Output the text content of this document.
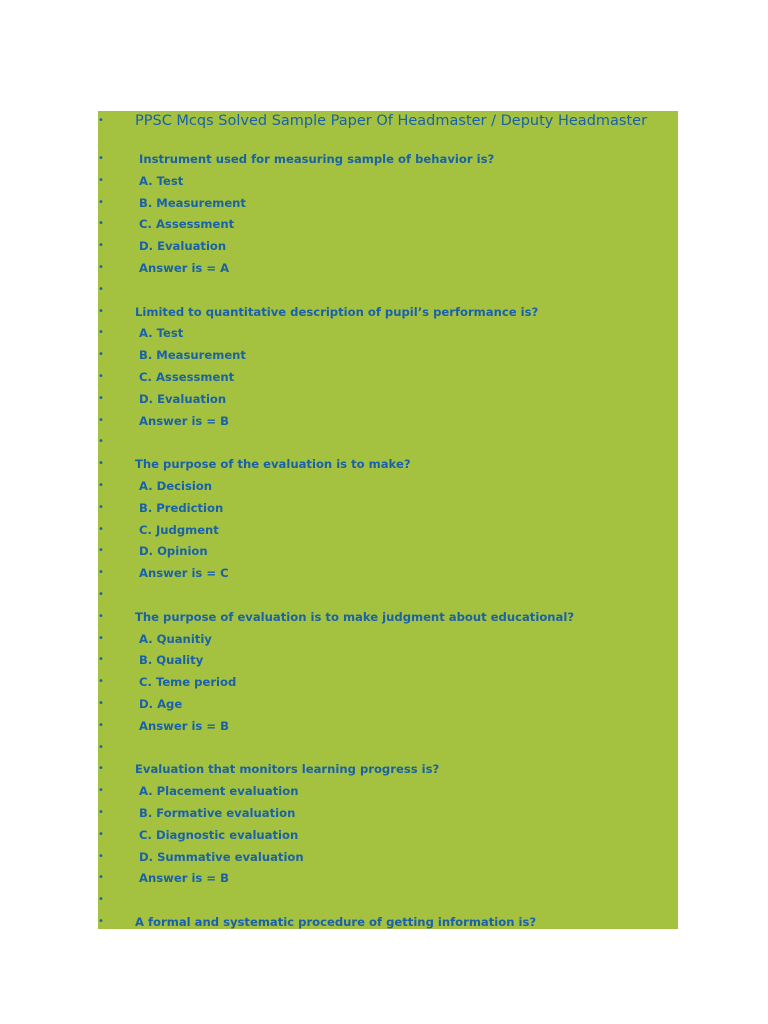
• PPSC Mcqs Solved Sample Paper Of Headmaster / Deputy Headmaster
•	Instrument used for measuring sample of behavior is?
•	A. Test
•	B. Measurement
•	C. Assessment
•	D. Evaluation
•	Answer is = A
•
•	Limited to quantitative description of pupil’s performance is?
•	A. Test
•	B. Measurement
•	C. Assessment
•	D. Evaluation
•	Answer is = B
•
•	The purpose of the evaluation is to make?
•	A. Decision
•	B. Prediction
•	C. Judgment
•	D. Opinion
•	Answer is = C
•
•	The purpose of evaluation is to make judgment about educational?
•	A. Quanitiy
•	B. Quality
•	C. Teme period
•	D. Age
•	Answer is = B
•
•	Evaluation that monitors learning progress is?
•	A. Placement evaluation
•	B. Formative evaluation
•	C. Diagnostic evaluation
•	D. Summative evaluation
•	Answer is = B
•
•	A formal and systematic procedure of getting information is?
